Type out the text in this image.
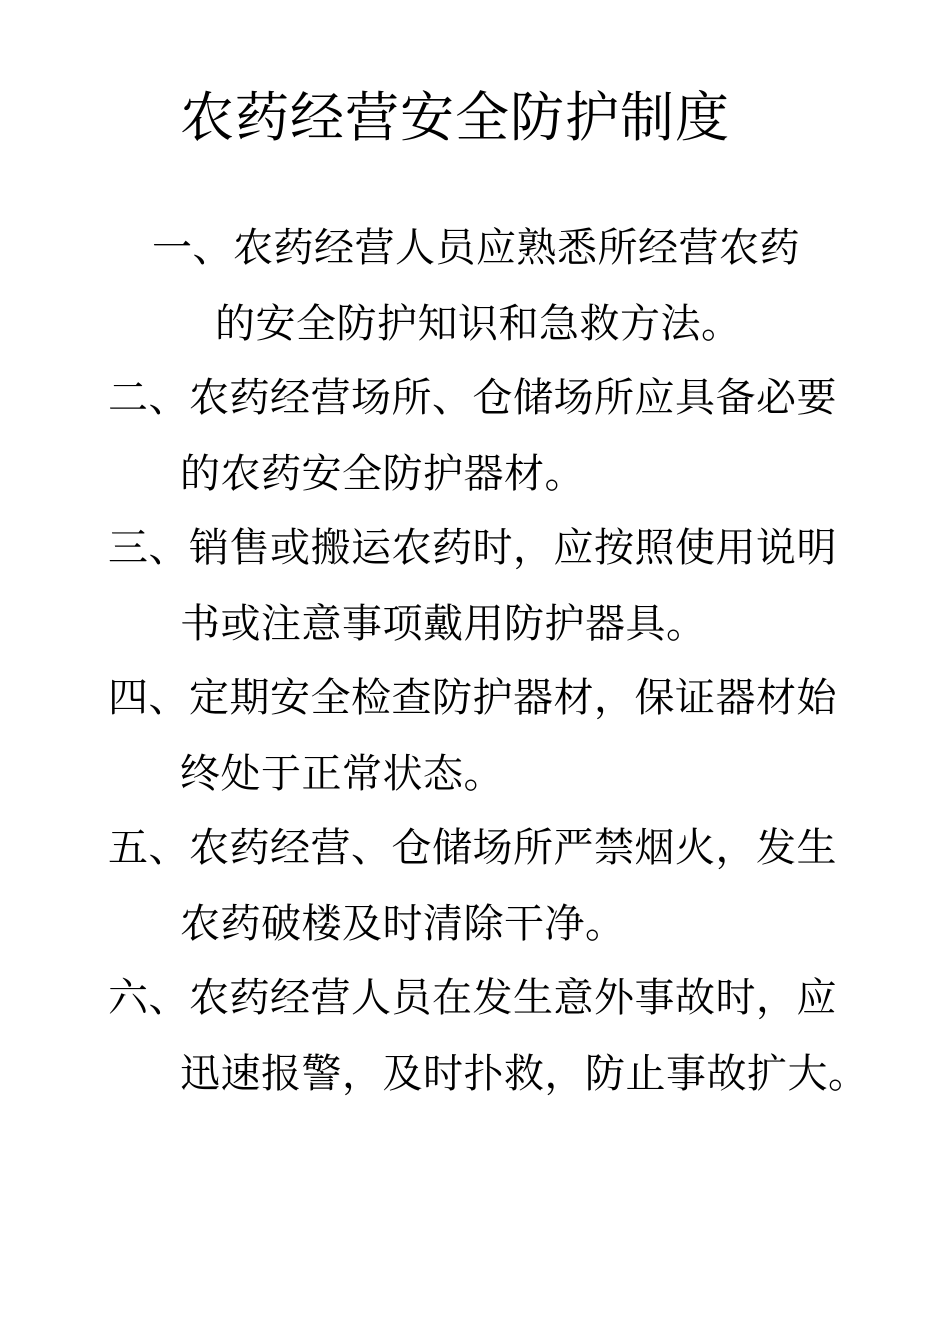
农药经营安全防护制度
一、农药经营人员应熟悉所经营农药
的安全防护知识和急救方法。
二、农药经营场所、仓储场所应具备必要
的农药安全防护器材。
三、销售或搬运农药时，应按照使用说明
书或注意事项戴用防护器具。
四、定期安全检查防护器材，保证器材始
终处于正常状态。
五、农药经营、仓储场所严禁烟火，发生
农药破楼及时清除干净。
六、农药经营人员在发生意外事故时，应
迅速报警，及时扑救，防止事故扩大。
